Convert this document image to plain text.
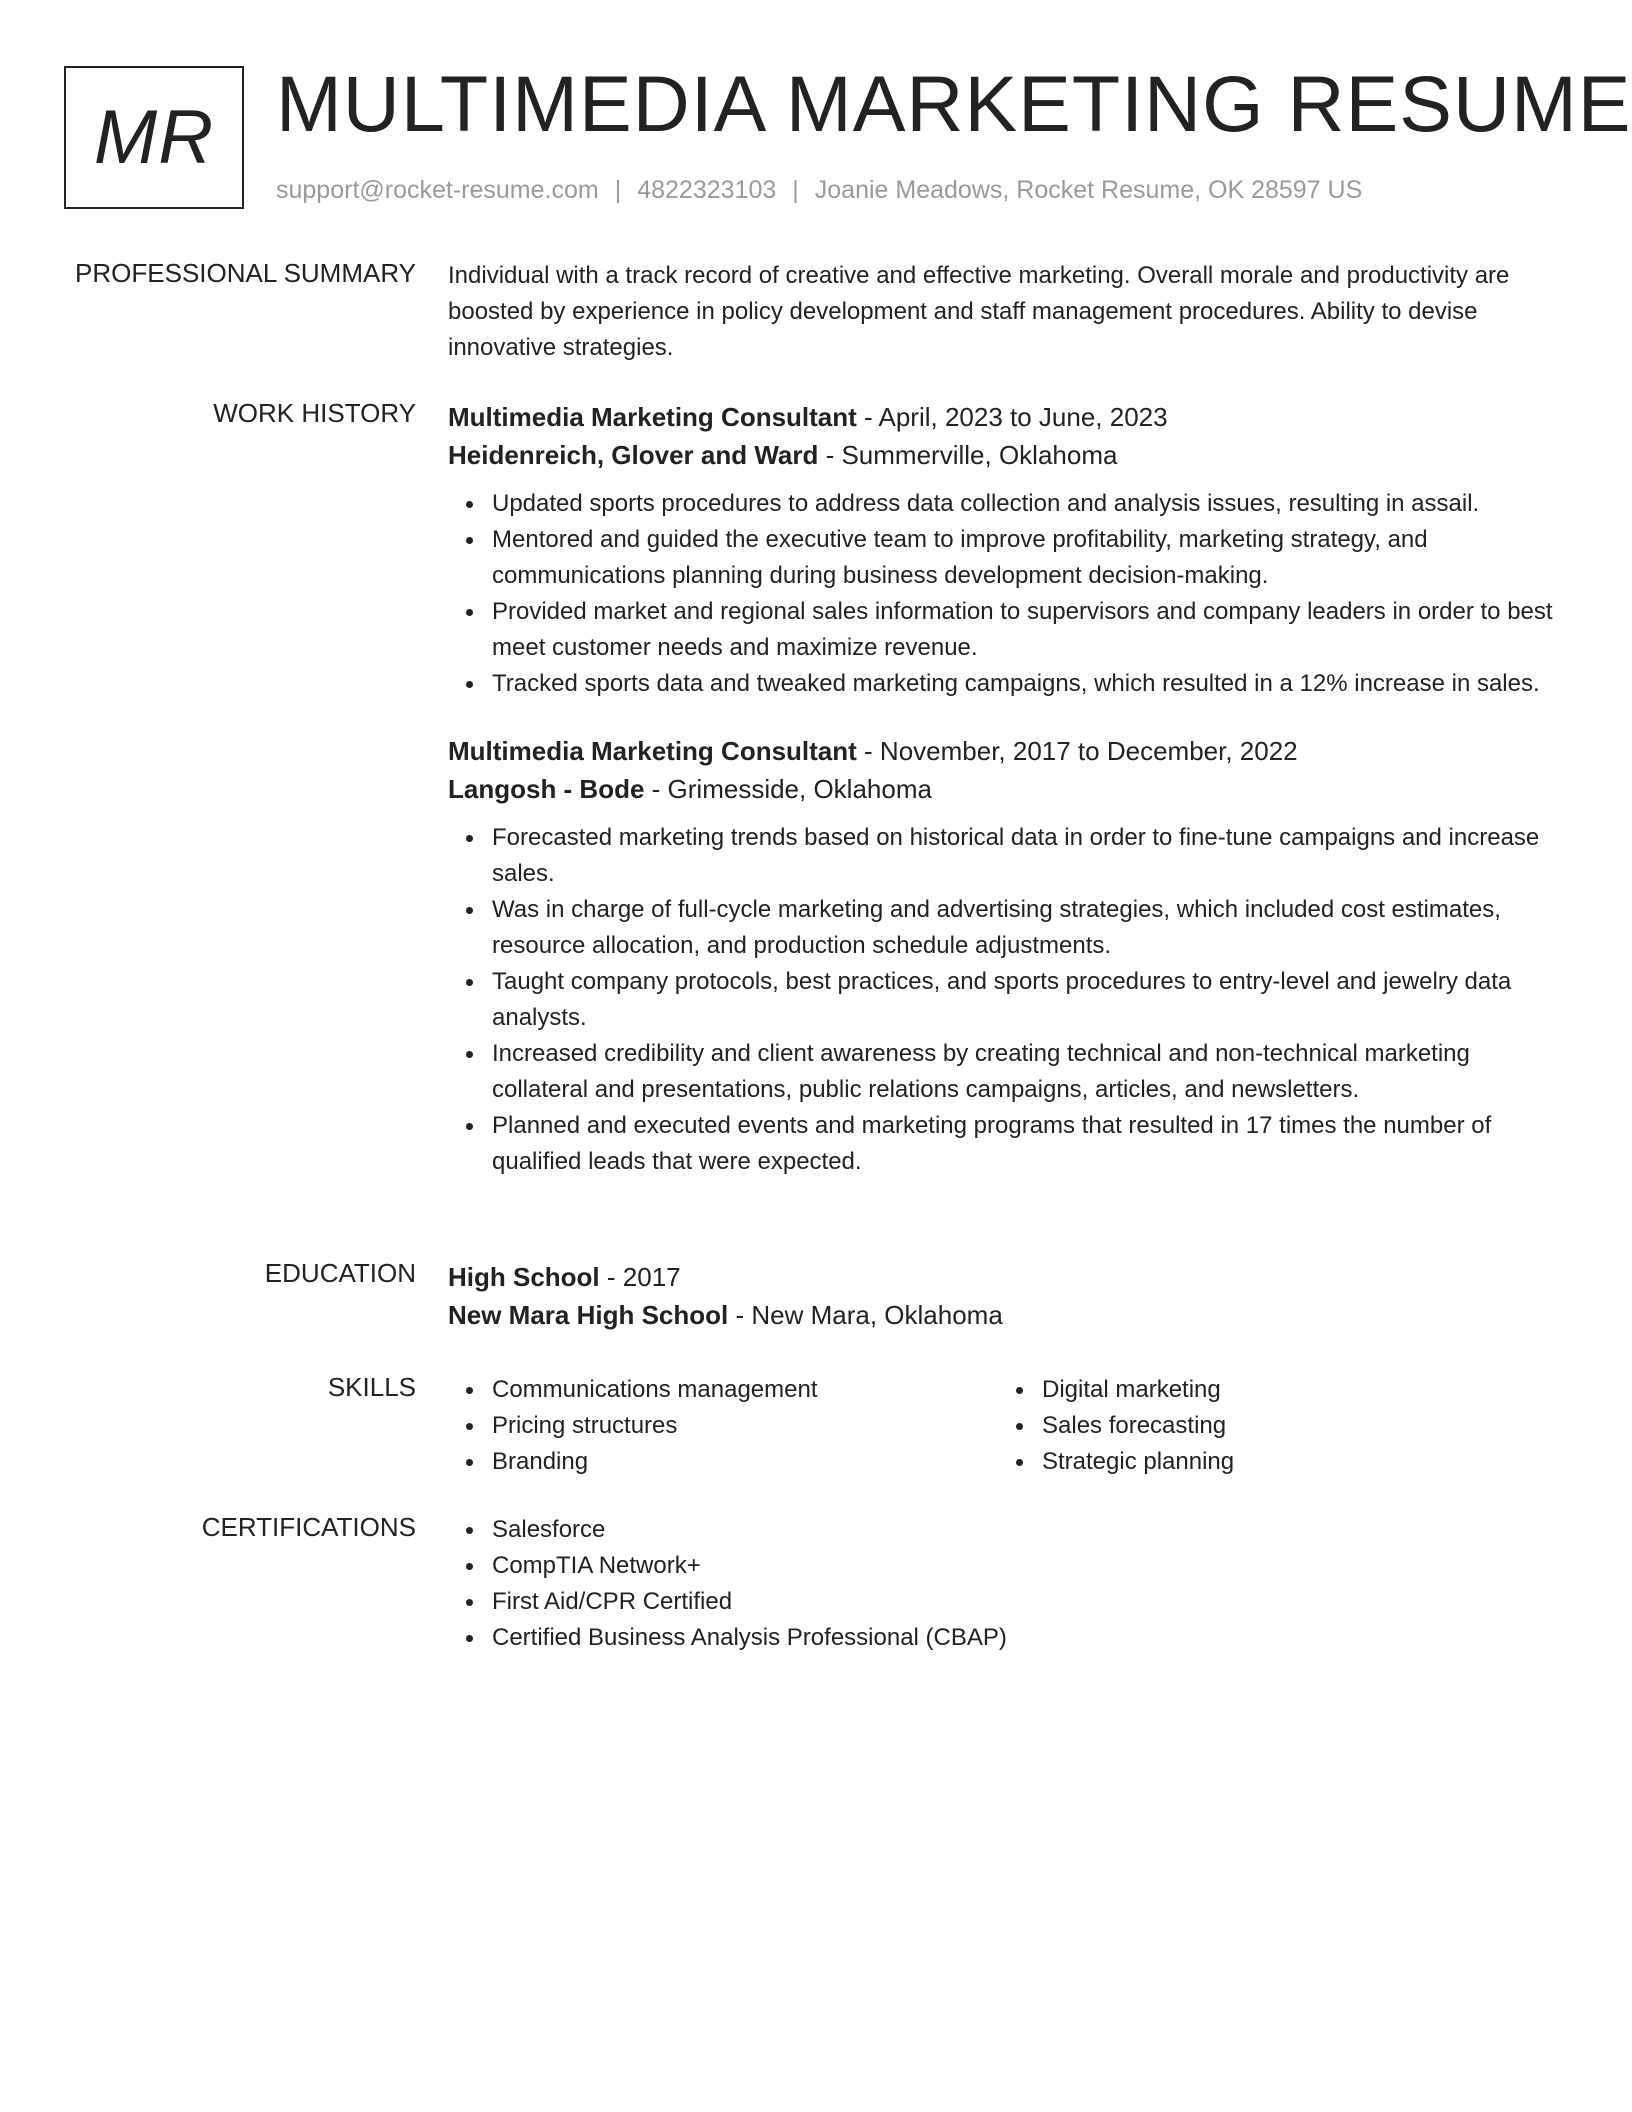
MR MULTIMEDIA MARKETING RESUME
support@rocket-resume.com | 4822323103 | Joanie Meadows, Rocket Resume, OK 28597 US
PROFESSIONAL SUMMARY Individual with a track record of creative and effective marketing. Overall morale and productivity are boosted by experience in policy development and staff management procedures. Ability to devise innovative strategies.

WORK HISTORY Multimedia Marketing Consultant - April, 2023 to June, 2023
Heidenreich, Glover and Ward - Summerville, Oklahoma
Updated sports procedures to address data collection and analysis issues, resulting in assail.
Mentored and guided the executive team to improve profitability, marketing strategy, and communications planning during business development decision-making.
Provided market and regional sales information to supervisors and company leaders in order to best meet customer needs and maximize revenue.
Tracked sports data and tweaked marketing campaigns, which resulted in a 12% increase in sales.
Multimedia Marketing Consultant - November, 2017 to December, 2022
Langosh - Bode - Grimesside, Oklahoma
Forecasted marketing trends based on historical data in order to fine-tune campaigns and increase sales.
Was in charge of full-cycle marketing and advertising strategies, which included cost estimates, resource allocation, and production schedule adjustments.
Taught company protocols, best practices, and sports procedures to entry-level and jewelry data analysts.
Increased credibility and client awareness by creating technical and non-technical marketing collateral and presentations, public relations campaigns, articles, and newsletters.
Planned and executed events and marketing programs that resulted in 17 times the number of qualified leads that were expected.
EDUCATION High School - 2017
New Mara High School - New Mara, Oklahoma
SKILLS	Communications management
Pricing structures
Branding
Digital marketing
Sales forecasting
Strategic planning
CERTIFICATIONS	Salesforce
CompTIA Network+
First Aid/CPR Certified
Certified Business Analysis Professional (CBAP)
